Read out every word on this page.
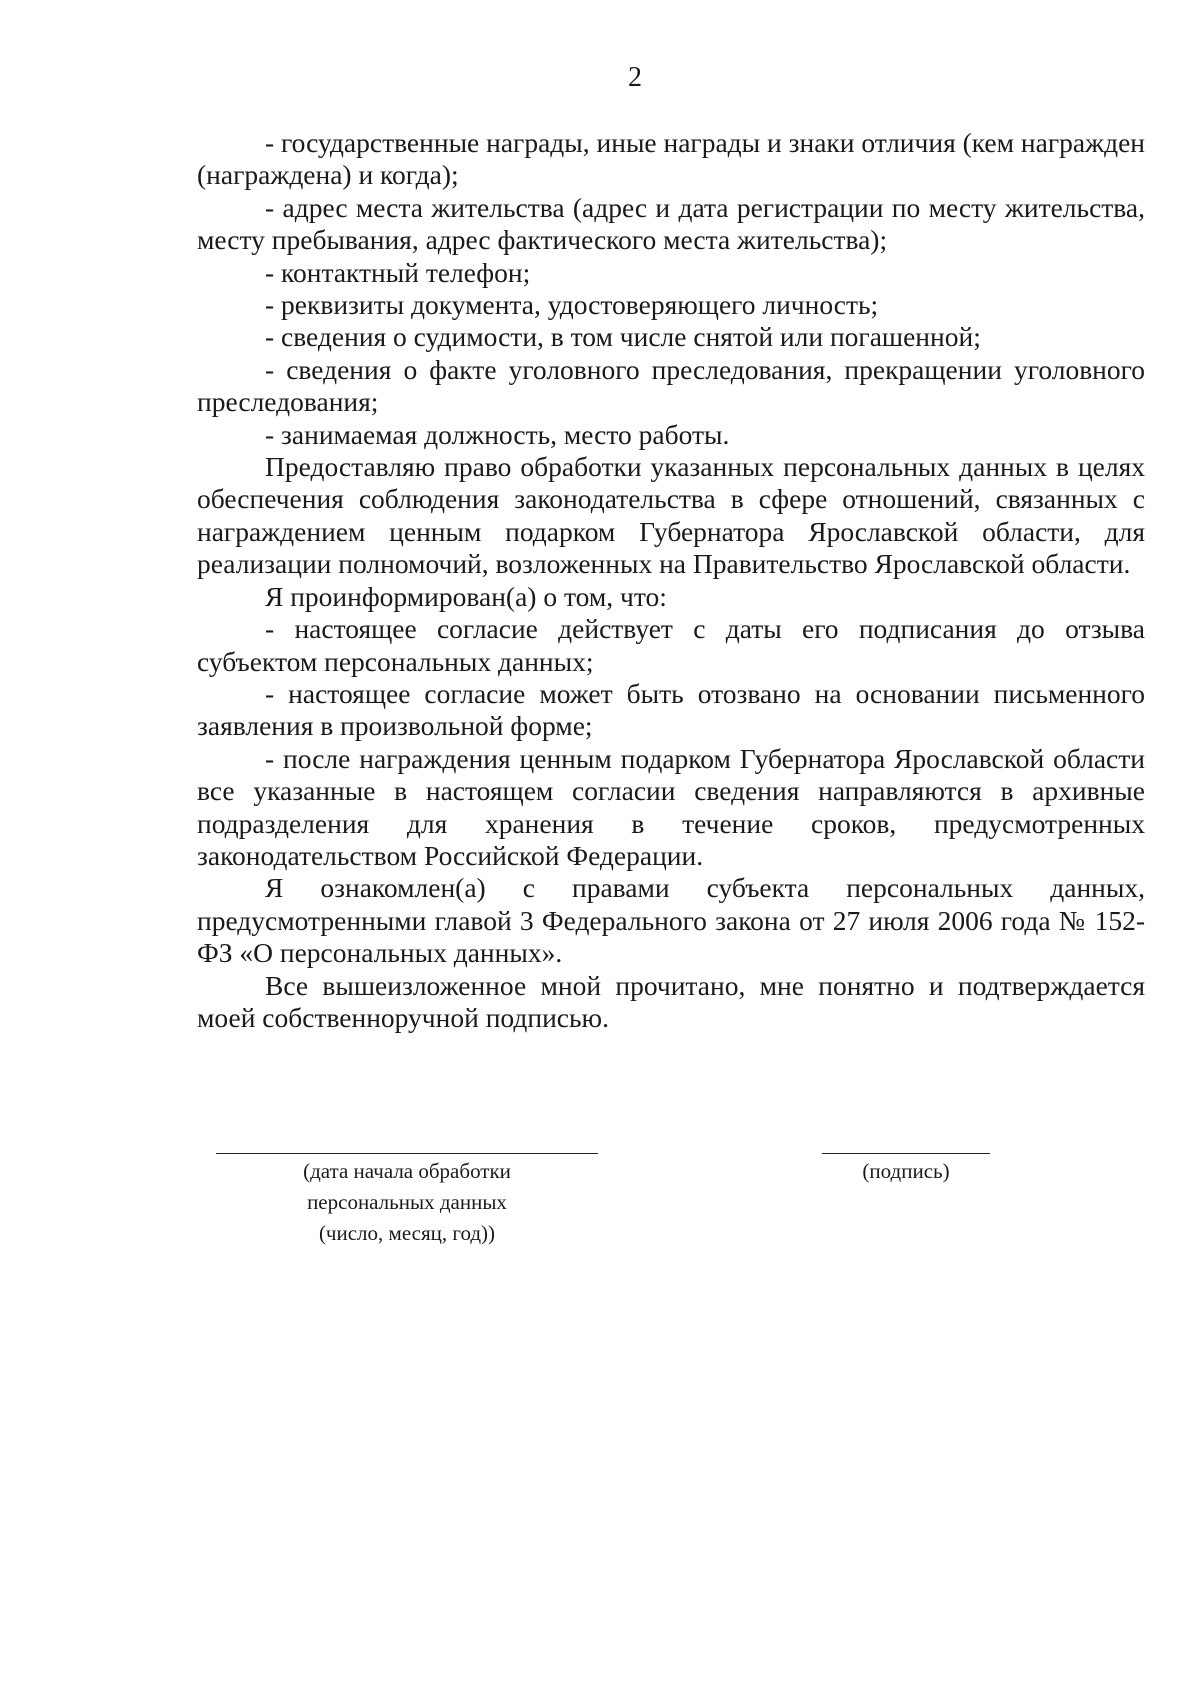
2

- государственные награды, иные награды и знаки отличия (кем награжден (награждена) и когда);

- адрес места жительства (адрес и дата регистрации по месту жительства, месту пребывания, адрес фактического места жительства);

- контактный телефон;

- реквизиты документа, удостоверяющего личность;

- сведения о судимости, в том числе снятой или погашенной;

- сведения о факте уголовного преследования, прекращении уголовного преследования;

- занимаемая должность, место работы.

Предоставляю право обработки указанных персональных данных в целях обеспечения соблюдения законодательства в сфере отношений, связанных с награждением ценным подарком Губернатора Ярославской области, для реализации полномочий, возложенных на Правительство Ярославской области.

Я проинформирован(а) о том, что:

- настоящее согласие действует с даты его подписания до отзыва субъектом персональных данных;

- настоящее согласие может быть отозвано на основании письменного заявления в произвольной форме;

- после награждения ценным подарком Губернатора Ярославской области все указанные в настоящем согласии сведения направляются в архивные подразделения для хранения в течение сроков, предусмотренных законодательством Российской Федерации.

Я ознакомлен(а) с правами субъекта персональных данных, предусмотренными главой 3 Федерального закона от 27 июля 2006 года № 152-ФЗ «О персональных данных».

Все вышеизложенное мной прочитано, мне понятно и подтверждается моей собственноручной подписью.

(дата начала обработки
персональных данных
(число, месяц, год))
(подпись)
